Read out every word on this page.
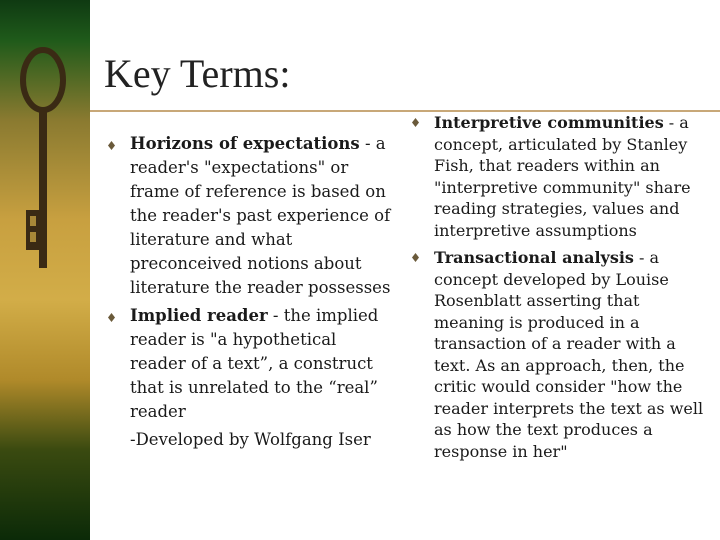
Key Terms:

Horizons of expectations - a reader's "expectations" or frame of reference is based on the reader's past experience of literature and what preconceived notions about literature the reader possesses

Implied reader - the implied reader is "a hypothetical reader of a text”, a construct that is unrelated to the “real” reader

-Developed by Wolfgang Iser

Interpretive communities - a concept, articulated by Stanley Fish, that readers within an "interpretive community" share reading strategies, values and interpretive assumptions

Transactional analysis - a concept developed by Louise Rosenblatt asserting that meaning is produced in a transaction of a reader with a text. As an approach, then, the critic would consider "how the reader interprets the text as well as how the text produces a response in her"
